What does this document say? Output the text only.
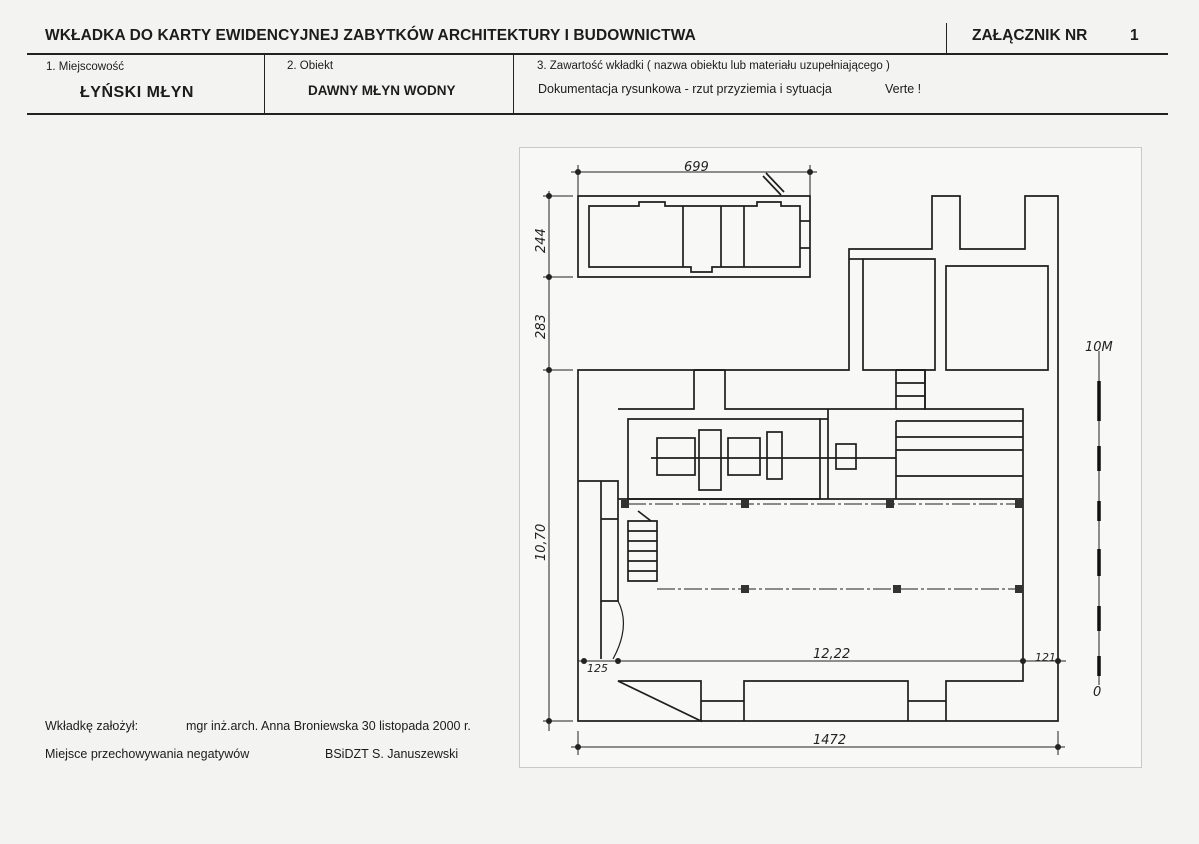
WKŁADKA DO KARTY EWIDENCYJNEJ ZABYTKÓW ARCHITEKTURY I BUDOWNICTWA	ZAŁĄCZNIK NR	1
1. Miejscowość
ŁYŃSKI MŁYN
2. Obiekt
DAWNY MŁYN WODNY
3. Zawartość wkładki ( nazwa obiektu lub materiału uzupełniającego )
Dokumentacja rysunkowa - rzut przyziemia i sytuacja	Verte !
Wkładkę założył:	mgr inż.arch. Anna Broniewska 30 listopada 2000 r.
Miejsce przechowywania negatywów	BSiDZT S. Januszewski
699
244
283
10,70
12,22
125
121
1472
10M
0
